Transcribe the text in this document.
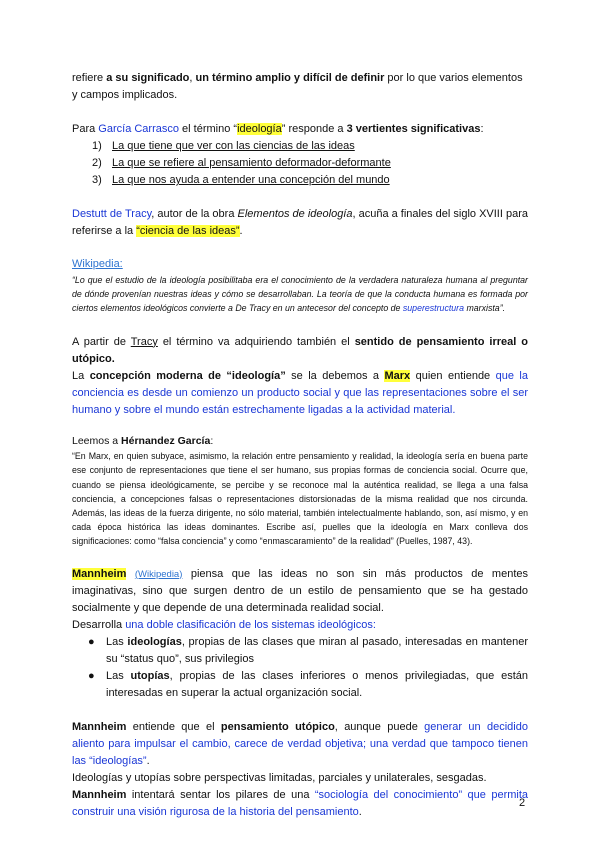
refiere a su significado, un término amplio y difícil de definir por lo que varios elementos y campos implicados.

Para García Carrasco el término “ideología” responde a 3 vertientes significativas:

1) La que tiene que ver con las ciencias de las ideas
2) La que se refiere al pensamiento deformador-deformante
3) La que nos ayuda a entender una concepción del mundo

Destutt de Tracy, autor de la obra Elementos de ideología, acuña a finales del siglo XVIII para referirse a la “ciencia de las ideas”.

Wikipedia:

“Lo que el estudio de la ideología posibilitaba era el conocimiento de la verdadera naturaleza humana al preguntar de dónde provenían nuestras ideas y cómo se desarrollaban. La teoría de que la conducta humana es formada por ciertos elementos ideológicos convierte a De Tracy en un antecesor del concepto de superestructura marxista”.

A partir de Tracy el término va adquiriendo también el sentido de pensamiento irreal o utópico.
La concepción moderna de “ideología” se la debemos a Marx quien entiende que la conciencia es desde un comienzo un producto social y que las representaciones sobre el ser humano y sobre el mundo están estrechamente ligadas a la actividad material.

Leemos a Hérnandez García:

“En Marx, en quien subyace, asimismo, la relación entre pensamiento y realidad, la ideología sería en buena parte ese conjunto de representaciones que tiene el ser humano, sus propias formas de conciencia social. Ocurre que, cuando se piensa ideológicamente, se percibe y se reconoce mal la auténtica realidad, se llega a una falsa conciencia, a concepciones falsas o representaciones distorsionadas de la misma realidad que nos circunda. Además, las ideas de la fuerza dirigente, no sólo material, también intelectualmente hablando, son, así mismo, y en cada época histórica las ideas dominantes. Escribe así, puelles que la ideología en Marx conlleva dos significaciones: como “falsa conciencia” y como “enmascaramiento” de la realidad” (Puelles, 1987, 43).

Mannheim (Wikipedia) piensa que las ideas no son sin más productos de mentes imaginativas, sino que surgen dentro de un estilo de pensamiento que se ha gestado socialmente y que depende de una determinada realidad social.
Desarrolla una doble clasificación de los sistemas ideológicos:

● Las ideologías, propias de las clases que miran al pasado, interesadas en mantener su “status quo”, sus privilegios
● Las utopías, propias de las clases inferiores o menos privilegiadas, que están interesadas en superar la actual organización social.

Mannheim entiende que el pensamiento utópico, aunque puede generar un decidido aliento para impulsar el cambio, carece de verdad objetiva; una verdad que tampoco tienen las “ideologías”.
Ideologías y utopías sobre perspectivas limitadas, parciales y unilaterales, sesgadas.
Mannheim intentará sentar los pilares de una “sociología del conocimiento” que permita construir una visión rigurosa de la historia del pensamiento.

2
